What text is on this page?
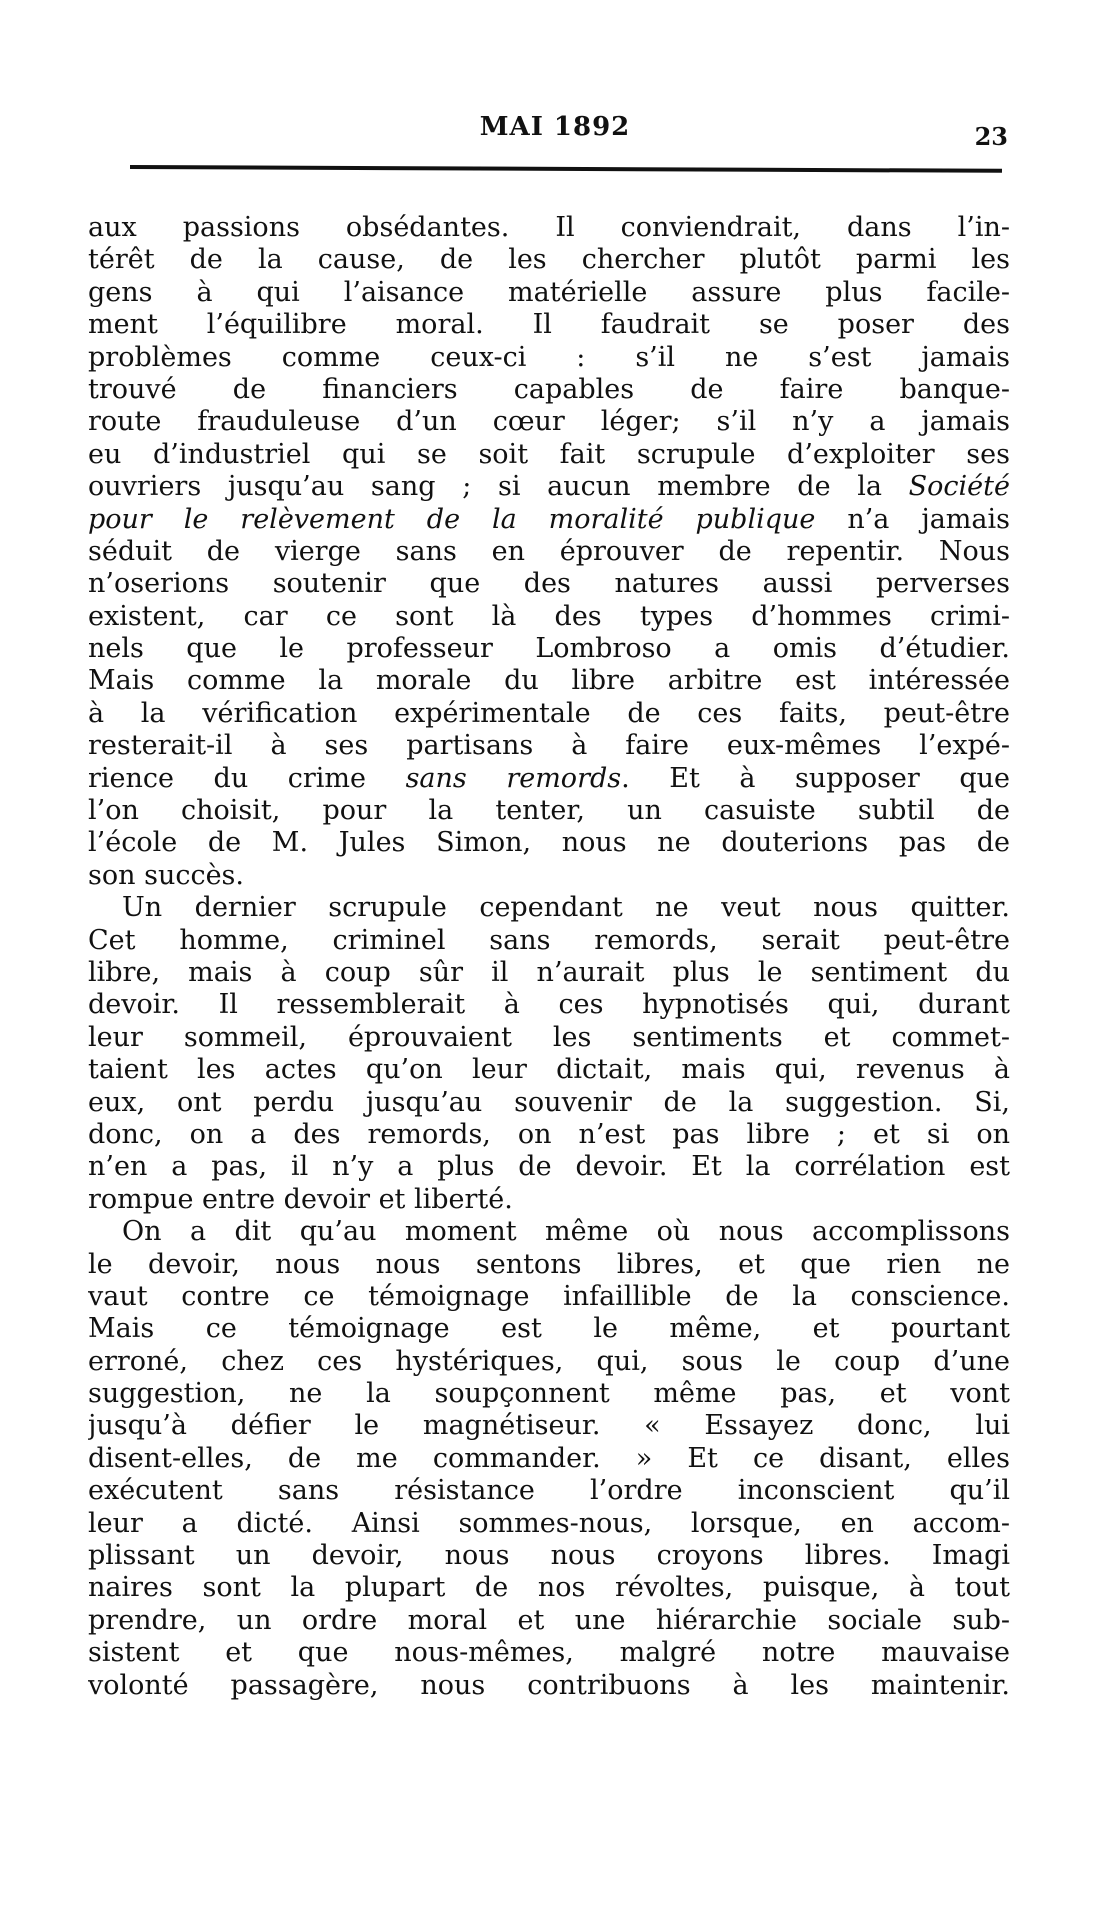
MAI 1892	23
aux passions obsédantes. Il conviendrait, dans l’in-
térêt de la cause, de les chercher plutôt parmi les
gens à qui l’aisance matérielle assure plus facile-
ment l’équilibre moral. Il faudrait se poser des
problèmes comme ceux-ci : s’il ne s’est jamais
trouvé de financiers capables de faire banque-
route frauduleuse d’un cœur léger; s’il n’y a jamais
eu d’industriel qui se soit fait scrupule d’exploiter ses
ouvriers jusqu’au sang ; si aucun membre de la Société
pour le relèvement de la moralité publique n’a jamais
séduit de vierge sans en éprouver de repentir. Nous
n’oserions soutenir que des natures aussi perverses
existent, car ce sont là des types d’hommes crimi-
nels que le professeur Lombroso a omis d’étudier.
Mais comme la morale du libre arbitre est intéressée
à la vérification expérimentale de ces faits, peut-être
resterait-il à ses partisans à faire eux-mêmes l’expé-
rience du crime sans remords. Et à supposer que
l’on choisit, pour la tenter, un casuiste subtil de
l’école de M. Jules Simon, nous ne douterions pas de
son succès.
Un dernier scrupule cependant ne veut nous quitter.
Cet homme, criminel sans remords, serait peut-être
libre, mais à coup sûr il n’aurait plus le sentiment du
devoir. Il ressemblerait à ces hypnotisés qui, durant
leur sommeil, éprouvaient les sentiments et commet-
taient les actes qu’on leur dictait, mais qui, revenus à
eux, ont perdu jusqu’au souvenir de la suggestion. Si,
donc, on a des remords, on n’est pas libre ; et si on
n’en a pas, il n’y a plus de devoir. Et la corrélation est
rompue entre devoir et liberté.
On a dit qu’au moment même où nous accomplissons
le devoir, nous nous sentons libres, et que rien ne
vaut contre ce témoignage infaillible de la conscience.
Mais ce témoignage est le même, et pourtant
erroné, chez ces hystériques, qui, sous le coup d’une
suggestion, ne la soupçonnent même pas, et vont
jusqu’à défier le magnétiseur. « Essayez donc, lui
disent-elles, de me commander. » Et ce disant, elles
exécutent sans résistance l’ordre inconscient qu’il
leur a dicté. Ainsi sommes-nous, lorsque, en accom-
plissant un devoir, nous nous croyons libres. Imagi
naires sont la plupart de nos révoltes, puisque, à tout
prendre, un ordre moral et une hiérarchie sociale sub-
sistent et que nous-mêmes, malgré notre mauvaise
volonté passagère, nous contribuons à les maintenir.
